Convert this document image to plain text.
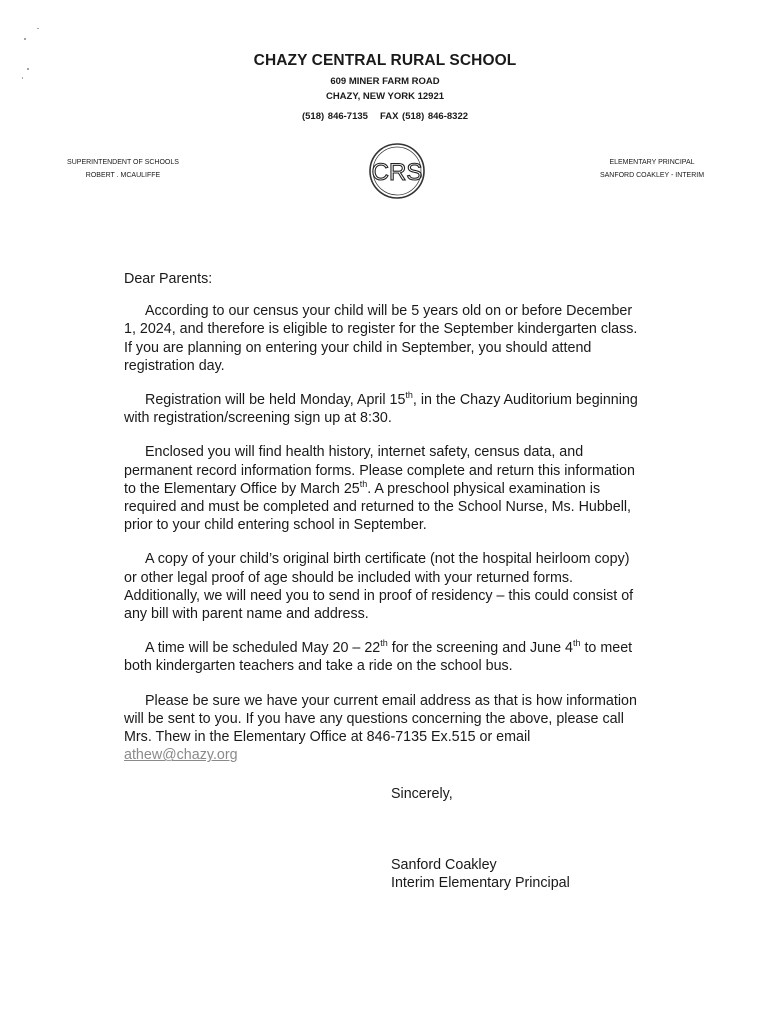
CHAZY CENTRAL RURAL SCHOOL
609 MINER FARM ROAD
CHAZY, NEW YORK 12921
(518) 846-7135 FAX (518) 846-8322
SUPERINTENDENT OF SCHOOLS
ROBERT . MCAULIFFE	CRS	ELEMENTARY PRINCIPAL
SANFORD COAKLEY - INTERIM

Dear Parents:

According to our census your child will be 5 years old on or before December 1, 2024, and therefore is eligible to register for the September kindergarten class. If you are planning on entering your child in September, you should attend registration day.

Registration will be held Monday, April 15th, in the Chazy Auditorium beginning with registration/screening sign up at 8:30.

Enclosed you will find health history, internet safety, census data, and permanent record information forms. Please complete and return this information to the Elementary Office by March 25th. A preschool physical examination is required and must be completed and returned to the School Nurse, Ms. Hubbell, prior to your child entering school in September.

A copy of your child’s original birth certificate (not the hospital heirloom copy) or other legal proof of age should be included with your returned forms. Additionally, we will need you to send in proof of residency – this could consist of any bill with parent name and address.

A time will be scheduled May 20 – 22th for the screening and June 4th to meet both kindergarten teachers and take a ride on the school bus.

Please be sure we have your current email address as that is how information will be sent to you. If you have any questions concerning the above, please call Mrs. Thew in the Elementary Office at 846-7135 Ex.515 or email athew@chazy.org

Sincerely,
Sanford Coakley
Interim Elementary Principal
